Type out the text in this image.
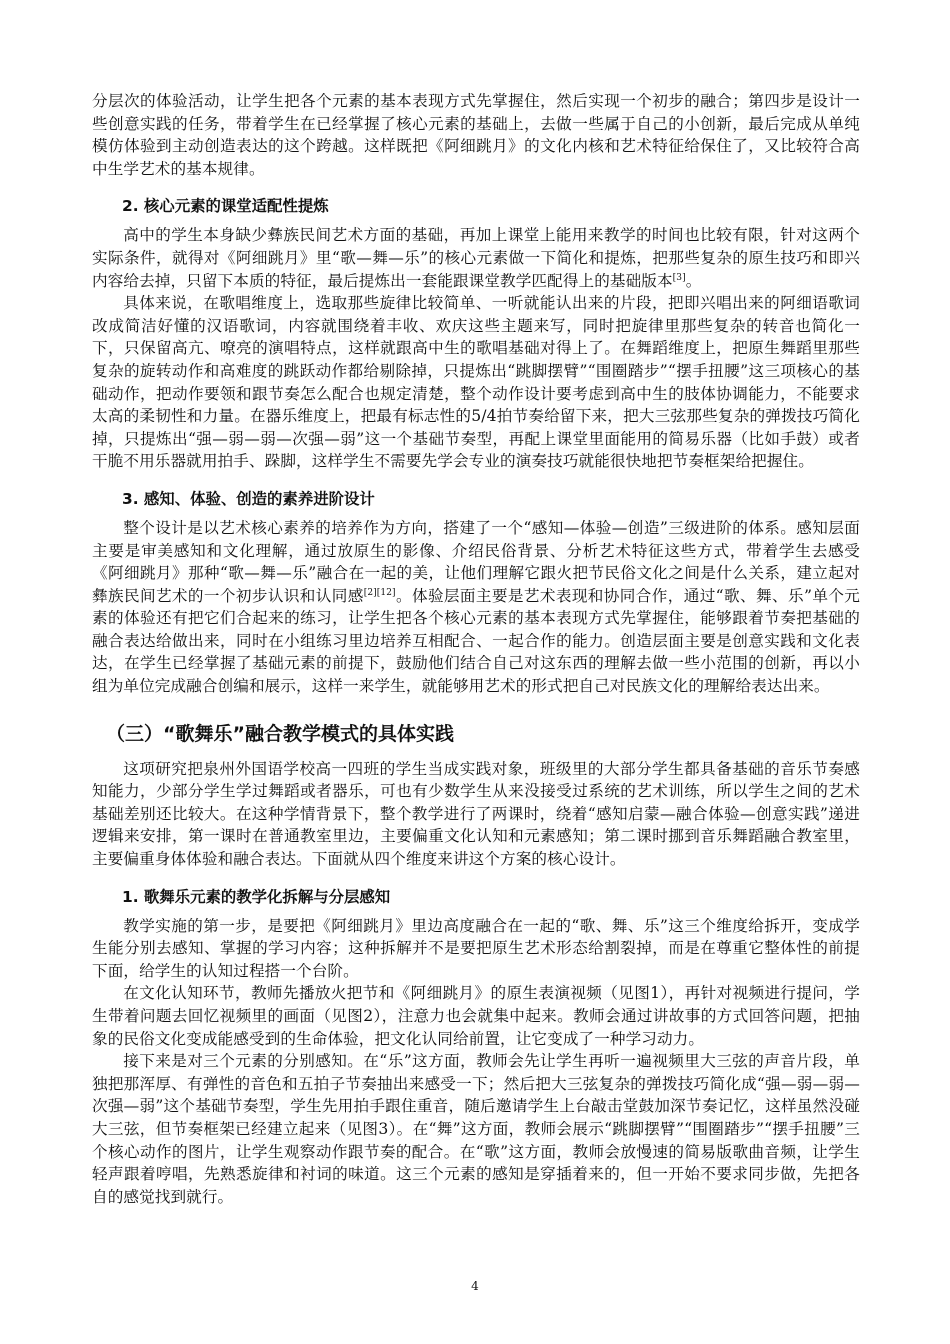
分层次的体验活动，让学生把各个元素的基本表现方式先掌握住，然后实现一个初步的融合；第四步是设计一些创意实践的任务，带着学生在已经掌握了核心元素的基础上，去做一些属于自己的小创新，最后完成从单纯模仿体验到主动创造表达的这个跨越。这样既把《阿细跳月》的文化内核和艺术特征给保住了，又比较符合高中生学艺术的基本规律。

2. 核心元素的课堂适配性提炼

高中的学生本身缺少彝族民间艺术方面的基础，再加上课堂上能用来教学的时间也比较有限，针对这两个实际条件，就得对《阿细跳月》里“歌—舞—乐”的核心元素做一下简化和提炼，把那些复杂的原生技巧和即兴内容给去掉，只留下本质的特征，最后提炼出一套能跟课堂教学匹配得上的基础版本[3]。

具体来说，在歌唱维度上，选取那些旋律比较简单、一听就能认出来的片段，把即兴唱出来的阿细语歌词改成简洁好懂的汉语歌词，内容就围绕着丰收、欢庆这些主题来写，同时把旋律里那些复杂的转音也简化一下，只保留高亢、嘹亮的演唱特点，这样就跟高中生的歌唱基础对得上了。在舞蹈维度上，把原生舞蹈里那些复杂的旋转动作和高难度的跳跃动作都给剔除掉，只提炼出“跳脚摆臂”“围圈踏步”“摆手扭腰”这三项核心的基础动作，把动作要领和跟节奏怎么配合也规定清楚，整个动作设计要考虑到高中生的肢体协调能力，不能要求太高的柔韧性和力量。在器乐维度上，把最有标志性的5/4拍节奏给留下来，把大三弦那些复杂的弹拨技巧简化掉，只提炼出“强—弱—弱—次强—弱”这一个基础节奏型，再配上课堂里面能用的简易乐器（比如手鼓）或者干脆不用乐器就用拍手、跺脚，这样学生不需要先学会专业的演奏技巧就能很快地把节奏框架给把握住。

3. 感知、体验、创造的素养进阶设计

整个设计是以艺术核心素养的培养作为方向，搭建了一个“感知—体验—创造”三级进阶的体系。感知层面主要是审美感知和文化理解，通过放原生的影像、介绍民俗背景、分析艺术特征这些方式，带着学生去感受《阿细跳月》那种“歌—舞—乐”融合在一起的美，让他们理解它跟火把节民俗文化之间是什么关系，建立起对彝族民间艺术的一个初步认识和认同感[2][12]。体验层面主要是艺术表现和协同合作，通过“歌、舞、乐”单个元素的体验还有把它们合起来的练习，让学生把各个核心元素的基本表现方式先掌握住，能够跟着节奏把基础的融合表达给做出来，同时在小组练习里边培养互相配合、一起合作的能力。创造层面主要是创意实践和文化表达，在学生已经掌握了基础元素的前提下，鼓励他们结合自己对这东西的理解去做一些小范围的创新，再以小组为单位完成融合创编和展示，这样一来学生，就能够用艺术的形式把自己对民族文化的理解给表达出来。

（三）“歌舞乐”融合教学模式的具体实践

这项研究把泉州外国语学校高一四班的学生当成实践对象，班级里的大部分学生都具备基础的音乐节奏感知能力，少部分学生学过舞蹈或者器乐，可也有少数学生从来没接受过系统的艺术训练，所以学生之间的艺术基础差别还比较大。在这种学情背景下，整个教学进行了两课时，绕着“感知启蒙—融合体验—创意实践”递进逻辑来安排，第一课时在普通教室里边，主要偏重文化认知和元素感知；第二课时挪到音乐舞蹈融合教室里，主要偏重身体体验和融合表达。下面就从四个维度来讲这个方案的核心设计。

1. 歌舞乐元素的教学化拆解与分层感知

教学实施的第一步，是要把《阿细跳月》里边高度融合在一起的“歌、舞、乐”这三个维度给拆开，变成学生能分别去感知、掌握的学习内容；这种拆解并不是要把原生艺术形态给割裂掉，而是在尊重它整体性的前提下面，给学生的认知过程搭一个台阶。

在文化认知环节，教师先播放火把节和《阿细跳月》的原生表演视频（见图1），再针对视频进行提问，学生带着问题去回忆视频里的画面（见图2），注意力也会就集中起来。教师会通过讲故事的方式回答问题，把抽象的民俗文化变成能感受到的生命体验，把文化认同给前置，让它变成了一种学习动力。

接下来是对三个元素的分别感知。在“乐”这方面，教师会先让学生再听一遍视频里大三弦的声音片段，单独把那浑厚、有弹性的音色和五拍子节奏抽出来感受一下；然后把大三弦复杂的弹拨技巧简化成“强—弱—弱—次强—弱”这个基础节奏型，学生先用拍手跟住重音，随后邀请学生上台敲击堂鼓加深节奏记忆，这样虽然没碰大三弦，但节奏框架已经建立起来（见图3）。在“舞”这方面，教师会展示“跳脚摆臂”“围圈踏步”“摆手扭腰”三个核心动作的图片，让学生观察动作跟节奏的配合。在“歌”这方面，教师会放慢速的简易版歌曲音频，让学生轻声跟着哼唱，先熟悉旋律和衬词的味道。这三个元素的感知是穿插着来的，但一开始不要求同步做，先把各自的感觉找到就行。

4
